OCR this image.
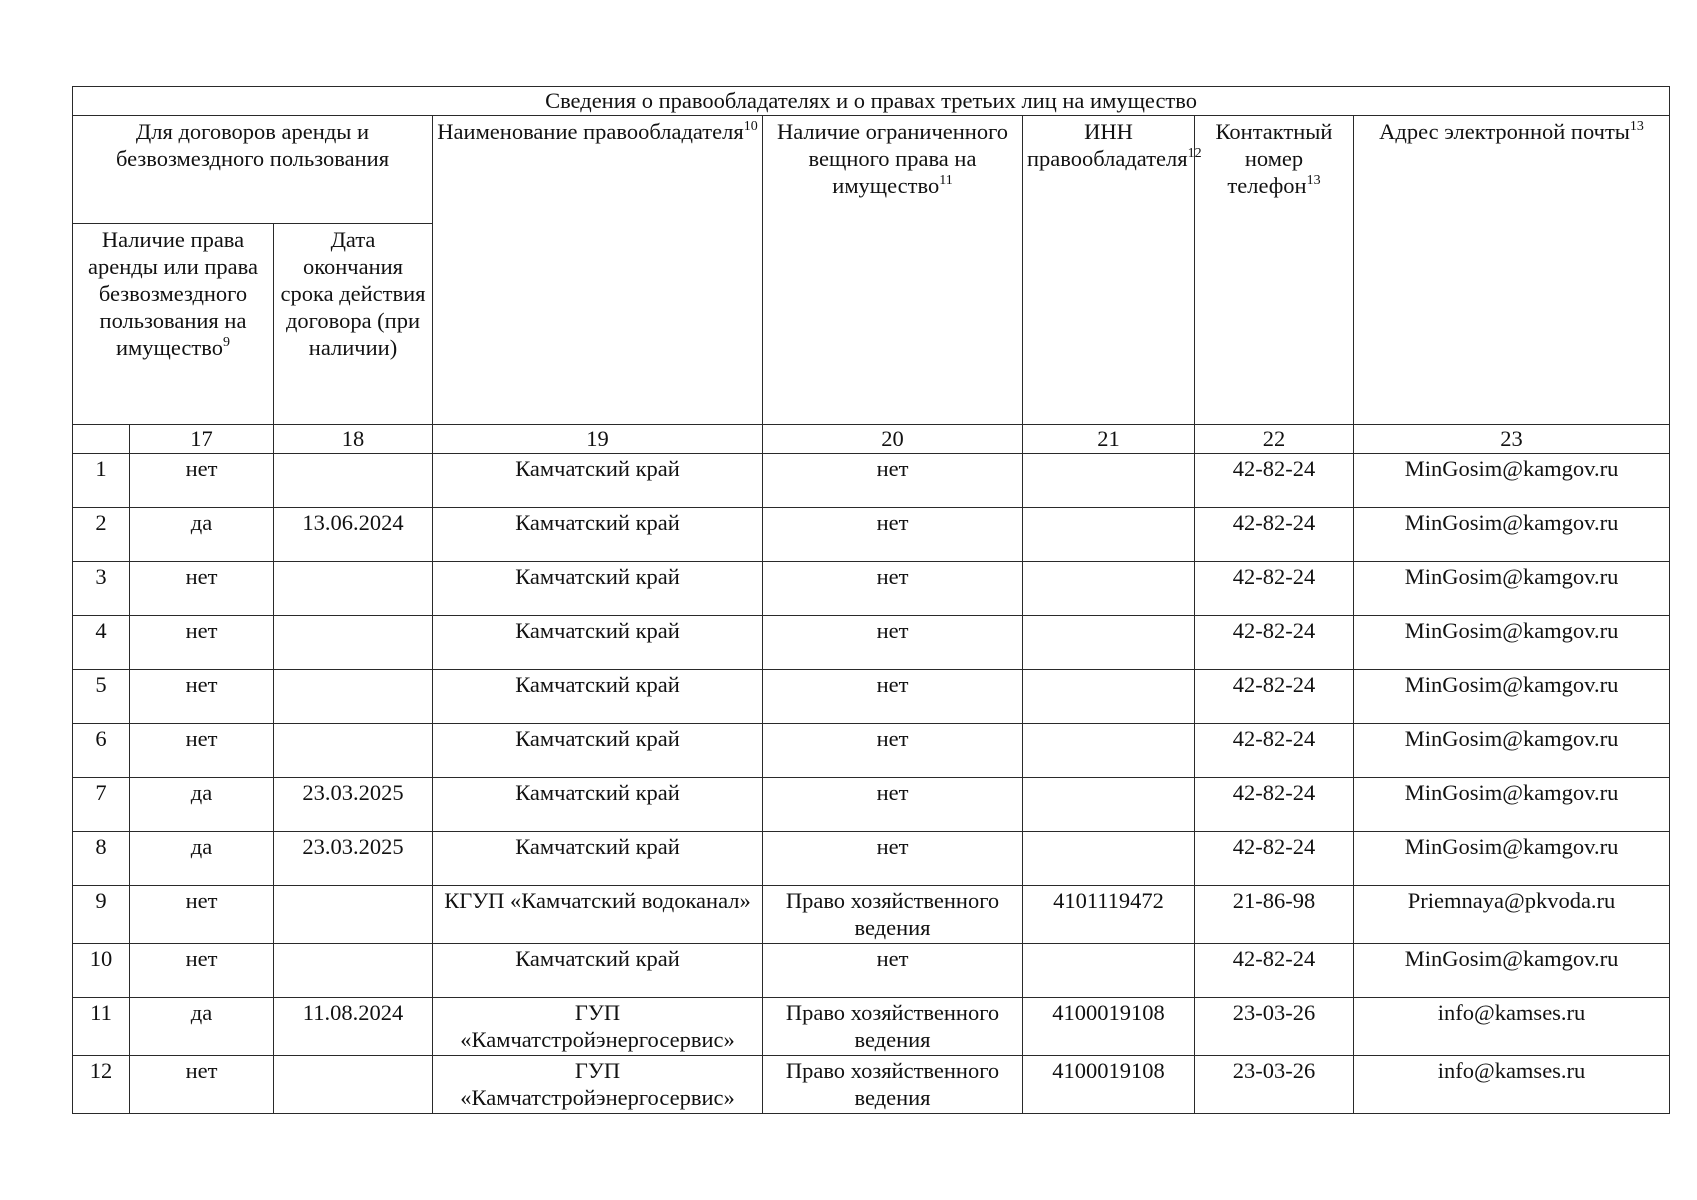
Сведения о правообладателях и о правах третьих лиц на имущество							
Для договоров аренды и безвозмездного пользования			Наименование правообладателя$^{10}$	Наличие ограниченного вещного права на имущество$^{11}$	ИНН правообладателя$^{12}$	Контактный номер телефон$^{13}$	Адрес электронной почты$^{13}$
Наличие права аренды или права безвозмездного пользования на имущество$^9$		Дата окончания срока действия договора (при наличии)					
	17	18	19	20	21	22	23
1	нет		Камчатский край	нет		42-82-24	MinGosim@kamgov.ru
2	да	13.06.2024	Камчатский край	нет		42-82-24	MinGosim@kamgov.ru
3	нет		Камчатский край	нет		42-82-24	MinGosim@kamgov.ru
4	нет		Камчатский край	нет		42-82-24	MinGosim@kamgov.ru
5	нет		Камчатский край	нет		42-82-24	MinGosim@kamgov.ru
6	нет		Камчатский край	нет		42-82-24	MinGosim@kamgov.ru
7	да	23.03.2025	Камчатский край	нет		42-82-24	MinGosim@kamgov.ru
8	да	23.03.2025	Камчатский край	нет		42-82-24	MinGosim@kamgov.ru
9	нет		КГУП «Камчатский водоканал»	Право хозяйственного ведения	4101119472	21-86-98	Priemnaya@pkvoda.ru
10	нет		Камчатский край	нет		42-82-24	MinGosim@kamgov.ru
11	да	11.08.2024	ГУП «Камчатстройэнергосервис»	Право хозяйственного ведения	4100019108	23-03-26	info@kamses.ru
12	нет		ГУП «Камчатстройэнергосервис»	Право хозяйственного ведения	4100019108	23-03-26	info@kamses.ru
